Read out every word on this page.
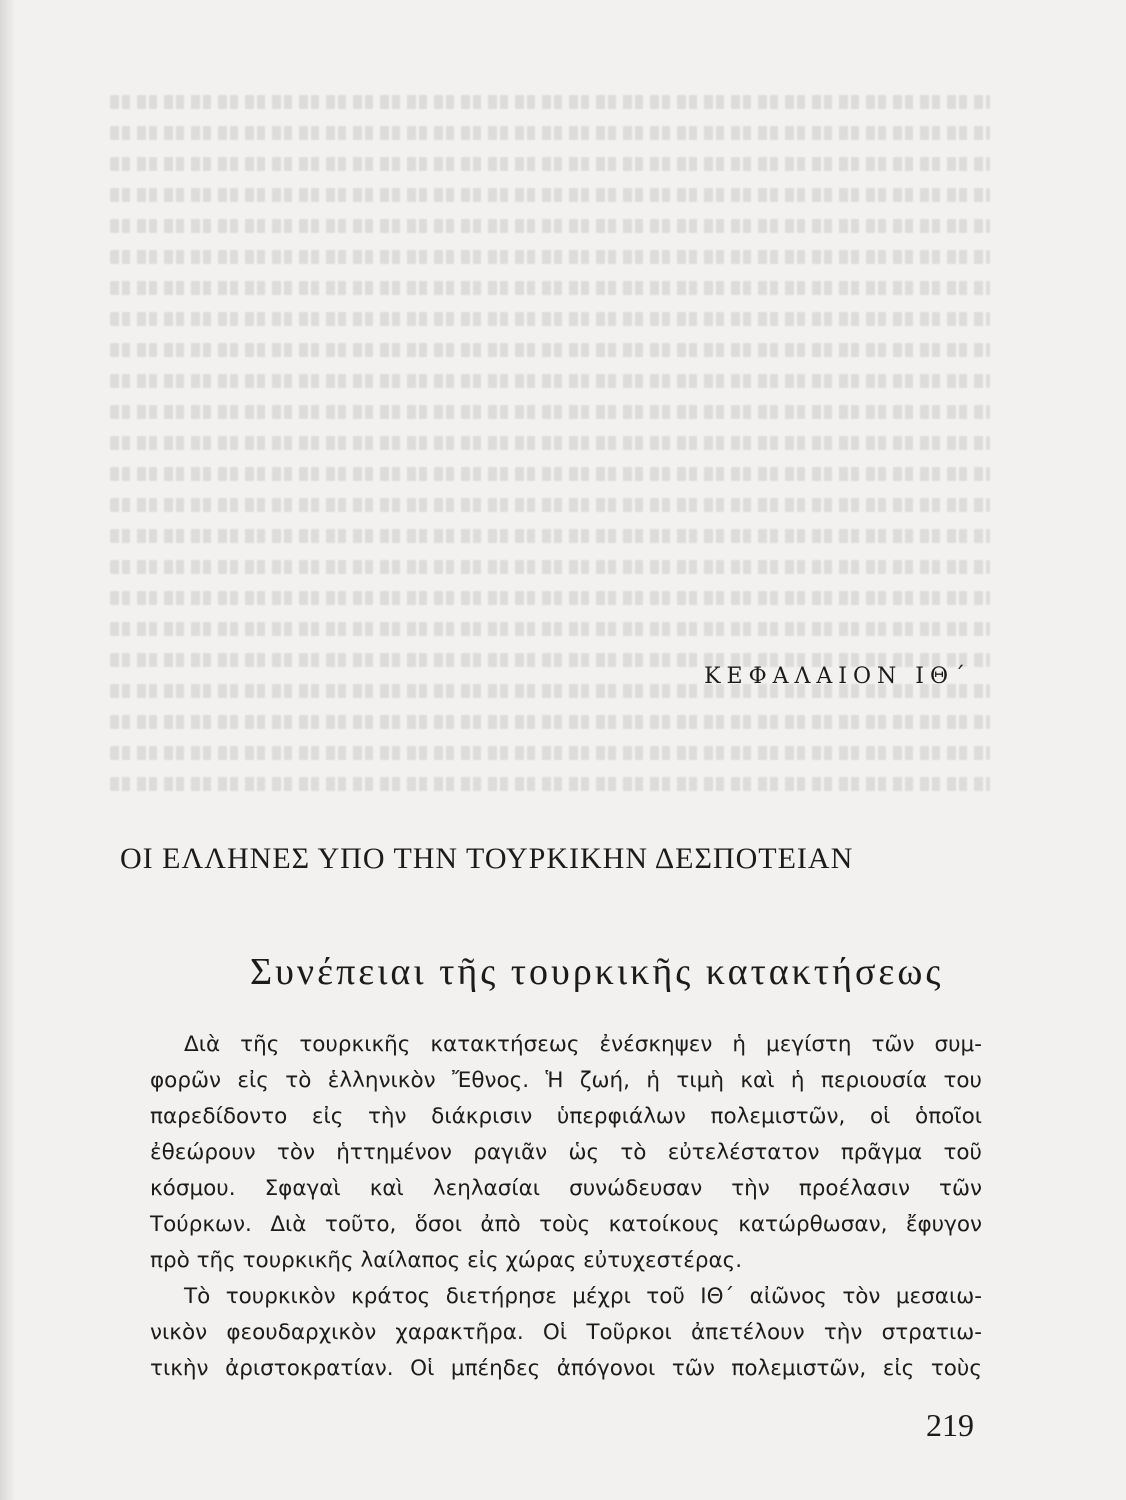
ΚΕΦΑΛΑΙΟΝ ΙΘ΄
ΟΙ ΕΛΛΗΝΕΣ ΥΠΟ ΤΗΝ ΤΟΥΡΚΙΚΗΝ ΔΕΣΠΟΤΕΙΑΝ
Συνέπειαι τῆς τουρκικῆς κατακτήσεως
Διὰ τῆς τουρκικῆς κατακτήσεως ἐνέσκηψεν ἡ μεγίστη τῶν συμ-
φορῶν εἰς τὸ ἑλληνικὸν Ἔθνος. Ἡ ζωή, ἡ τιμὴ καὶ ἡ περιουσία του
παρεδίδοντο εἰς τὴν διάκρισιν ὑπερφιάλων πολεμιστῶν, οἱ ὁποῖοι
ἐθεώρουν τὸν ἡττημένον ραγιᾶν ὡς τὸ εὐτελέστατον πρᾶγμα τοῦ
κόσμου. Σφαγαὶ καὶ λεηλασίαι συνώδευσαν τὴν προέλασιν τῶν
Τούρκων. Διὰ τοῦτο, ὅσοι ἀπὸ τοὺς κατοίκους κατώρθωσαν, ἔφυγον
πρὸ τῆς τουρκικῆς λαίλαπος εἰς χώρας εὐτυχεστέρας.
Τὸ τουρκικὸν κράτος διετήρησε μέχρι τοῦ ΙΘ΄ αἰῶνος τὸν μεσαιω-
νικὸν φεουδαρχικὸν χαρακτῆρα. Οἱ Τοῦρκοι ἀπετέλουν τὴν στρατιω-
τικὴν ἀριστοκρατίαν. Οἱ μπέηδες ἀπόγονοι τῶν πολεμιστῶν, εἰς τοὺς
219
